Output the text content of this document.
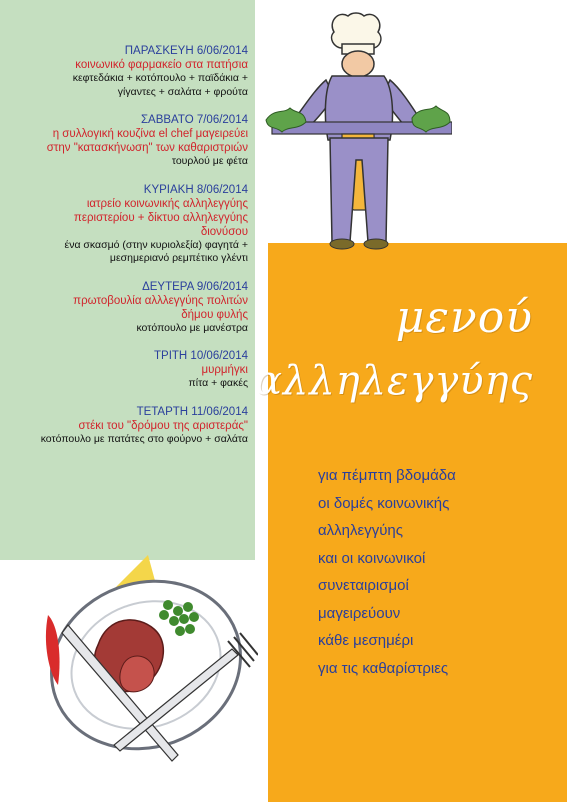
ΠΑΡΑΣΚΕΥΗ 6/06/2014
κοινωνικό φαρμακείο στα πατήσια
κεφτεδάκια + κοτόπουλο + παϊδάκια +
γίγαντες + σαλάτα + φρούτα
ΣΑΒΒΑΤΟ 7/06/2014
η συλλογική κουζίνα el chef μαγειρεύει
στην "κατασκήνωση" των καθαριστριών
τουρλού με φέτα
ΚΥΡΙΑΚΗ 8/06/2014
ιατρείο κοινωνικής αλληλεγγύης
περιστερίου + δίκτυο αλληλεγγύης
διονύσου
ένα σκασμό (στην κυριολεξία) φαγητά +
μεσημεριανό ρεμπέτικο γλέντι
ΔΕΥΤΕΡΑ 9/06/2014
πρωτοβουλία αλλλεγγύης πολιτών
δήμου φυλής
κοτόπουλο με μανέστρα
ΤΡΙΤΗ 10/06/2014
μυρμήγκι
πίτα + φακές
ΤΕΤΑΡΤΗ 11/06/2014
στέκι του "δρόμου της αριστεράς"
κοτόπουλο με πατάτες στο φούρνο + σαλάτα
μενού
αλληλεγγύης
για πέμπτη βδομάδα
οι δομές κοινωνικής
αλληλεγγύης
και οι κοινωνικοί
συνεταιρισμοί
μαγειρεύουν
κάθε μεσημέρι
για τις καθαρίστριες
